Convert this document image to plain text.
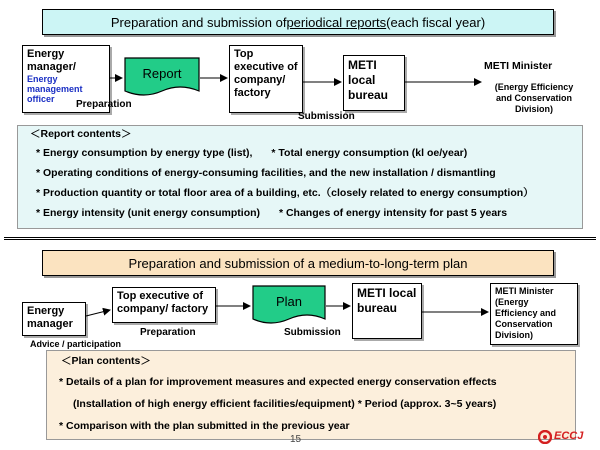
Preparation and submission of periodical reports (each fiscal year)
Energy manager/
Energy management officer	Preparation
Report
Top executive of company/ factory
METI local bureau
Submission
METI Minister
(Energy Efficiency and Conservation Division)
＜Report contents＞
* Energy consumption by energy type (list), * Total energy consumption (kl oe/year)
* Operating conditions of energy-consuming facilities, and the new installation / dismantling
* Production quantity or total floor area of a building, etc.（closely related to energy consumption）
* Energy intensity (unit energy consumption) * Changes of energy intensity for past 5 years
Preparation and submission of a medium-to-long-term plan
Energy manager
Advice / participation
Top executive of company/ factory
Preparation
Plan
Submission
METI local bureau
METI Minister (Energy Efficiency and Conservation Division)
＜Plan contents＞
* Details of a plan for improvement measures and expected energy conservation effects
(Installation of high energy efficient facilities/equipment) * Period (approx. 3~5 years)
* Comparison with the plan submitted in the previous year
15	ECCJ
